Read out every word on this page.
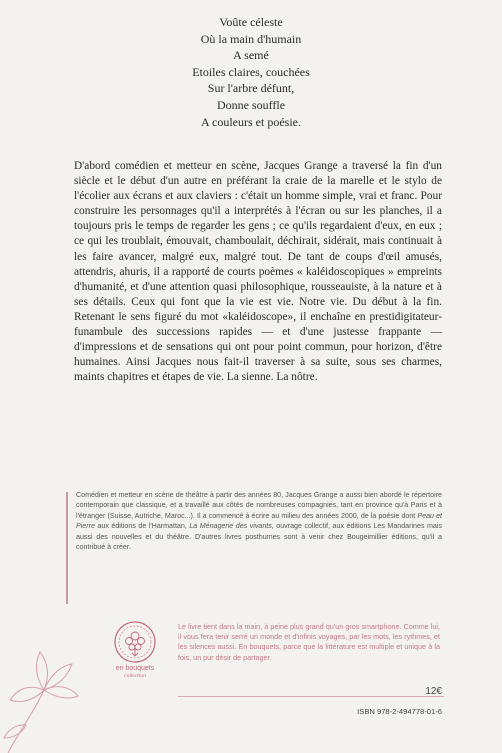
Voûte céleste

Où la main d'humain

A semé

Etoiles claires, couchées

Sur l'arbre défunt,

Donne souffle

A couleurs et poésie.

D'abord comédien et metteur en scène, Jacques Grange a traversé la fin d'un siècle et le début d'un autre en préférant la craie de la marelle et le stylo de l'écolier aux écrans et aux claviers : c'était un homme simple, vrai et franc. Pour construire les personnages qu'il a interprétés à l'écran ou sur les planches, il a toujours pris le temps de regarder les gens ; ce qu'ils regardaient d'eux, en eux ; ce qui les troublait, émouvait, chamboulait, déchirait, sidérait, mais continuait à les faire avancer, malgré eux, malgré tout. De tant de coups d'œil amusés, attendris, ahuris, il a rapporté de courts poèmes « kaléidoscopiques » empreints d'humanité, et d'une attention quasi philosophique, rousseauiste, à la nature et à ses détails. Ceux qui font que la vie est vie. Notre vie. Du début à la fin. Retenant le sens figuré du mot «kaléidoscope», il enchaîne en prestidigitateur-funambule des successions rapides — et d'une justesse frappante — d'impressions et de sensations qui ont pour point commun, pour horizon, d'être humaines. Ainsi Jacques nous fait-il traverser à sa suite, sous ses charmes, maints chapitres et étapes de vie. La sienne. La nôtre.

Comédien et metteur en scène de théâtre à partir des années 80, Jacques Grange a aussi bien abordé le répertoire contemporain que classique, et a travaillé aux côtés de nombreuses compagnies, tant en province qu'à Paris et à l'étranger (Suisse, Autriche, Maroc...). Il a commencé à écrire au milieu des années 2000, de la poésie dont Peau et Pierre aux éditions de l'Harmattan, La Ménagerie des vivants, ouvrage collectif, aux éditions Les Mandarines mais aussi des nouvelles et du théâtre. D'autres livres posthumes sont à venir chez Bougeimillier éditions, qu'il a contribué à créer.

en bouquets
collection

Le livre tient dans la main, à peine plus grand qu'un gros smartphone. Comme lui, il vous fera tenir serré un monde et d'infinis voyages, par les mots, les rythmes, et les silences aussi. En bouquets, parce que la littérature est multiple et unique à la fois, un pur désir de partager.

12€
ISBN 978-2-494778-01-6
